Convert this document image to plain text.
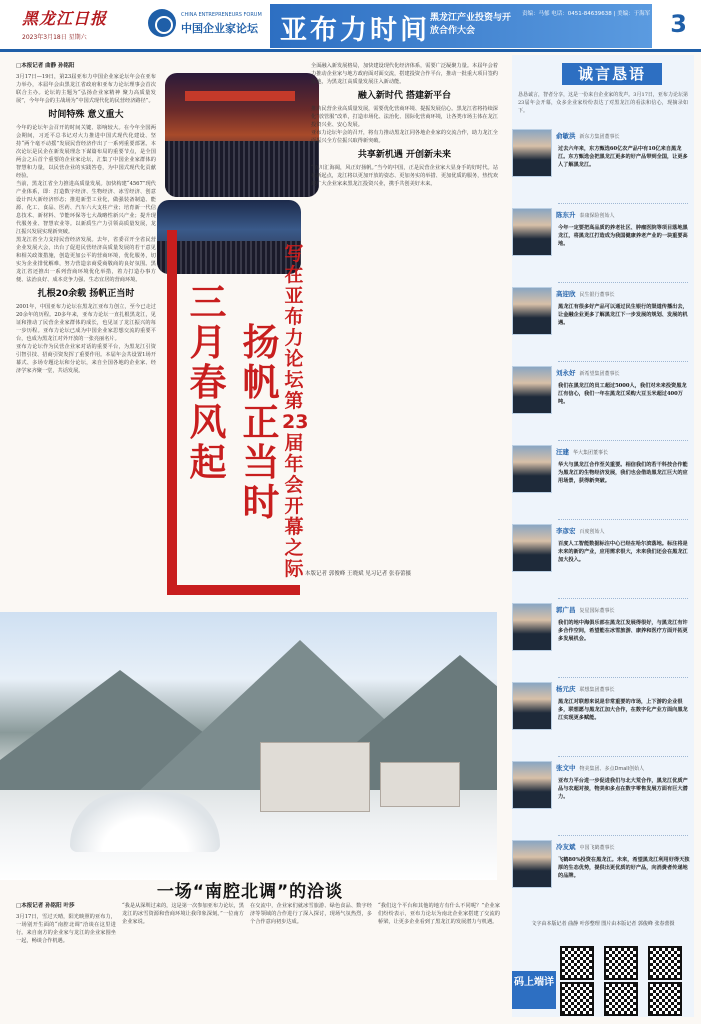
黑龙江日报
2023年3月18日 星期六
CHINA ENTREPRENEURS FORUM
中国企业家论坛 亚布力时间 黑龙江产业投资与开放合作大会
责编：马郁 电话：0451-84639638 | 美编：于海军 3
□本报记者 曲静 孙铭阳

3月17日—19日，第23届亚布力中国企业家论坛年会在亚布力举办，本届年会由黑龙江省政府和亚布力论坛理事会首次联合主办。论坛的主题为“弘扬企业家精神 聚力高质量发展”，今年年会的主战场为“中国式现代化的民营经济路径”。

时间特殊 意义重大

今年的论坛年会召开的时间关键、影响较大。在今年全国两会期间，习近平总书记对大力推进中国式现代化建设、坚持“两个毫不动摇”发展民营经济作出了一系列重要部署。本次论坛是民企在新发展理念下谋篇布局的重要节点，是全国两会之后首个重要的企业家论坛，汇集了中国企业家群体的智慧和力量，以民营企业的实践答卷，为中国式现代化贡献经验。

当前，黑龙江省全力推进高质量发展。加快构建“4567”现代产业体系，即：打造数字经济、生物经济、冰雪经济、创意设计四大新经济形态；推进新型工业化，做强装备制造、能源、化工、食品、医药、汽车六大支柱产业；培育新一代信息技术、新材料、节能环保等七大战略性新兴产业；提升现代服务业、智慧农业等。以新质生产力引领高质量发展，龙江振兴发展实现新突破。

黑龙江省全力支持民营经济发展。去年，省委召开全省民营企业发展大会，出台了促进民营经济高质量发展的若干意见和相关政策措施，创造更加公平的营商环境，优化服务，切实为企业排忧解难，努力营造亲商爱商敬商的良好氛围。黑龙江省还推出一系列营商环境优化举措，着力打造办事方便、法治良好、成本竞争力强、生态宜居的营商环境。

扎根20余载 扬帆正当时

2001年，中国亚布力论坛在黑龙江亚布力创立，至今已走过20余年的历程。20多年来，亚布力论坛一直扎根黑龙江，见证和推动了民营企业家群体的成长，也见证了龙江振兴的每一步历程。亚布力论坛已成为中国企业家思想交流的重要平台，也成为黑龙江对外开放的一张亮丽名片。

亚布力论坛作为民营企业家对话的重要平台，为黑龙江引资引智引技、招商引资发挥了重要作用。本届年会共设置1场开幕式、多场专题论坛和分论坛，来自全国各地的企业家、经济学家齐聚一堂，共话发展。

三月春风起
扬帆正当时
写在亚布力论坛第23届年会开幕之际

全面融入新发展格局，加快建设现代化经济体系，需要广泛凝聚力量。本届年会着力推动企业家与地方政府面对面交流，搭建投资合作平台，推动一批重大项目签约落地，为黑龙江高质量发展注入新动能。

融入新时代 搭建新平台

推动民营企业高质量发展，需要优化营商环境、提振发展信心。黑龙江省将持续深化“放管服”改革，打造市场化、法治化、国际化营商环境，让各类市场主体在龙江投资兴业、安心发展。

亚布力论坛年会的召开，将有力推动黑龙江同各地企业家的交流合作，助力龙江全面振兴全方位振兴取得新突破。

共享新机遇 开创新未来

“百川汇海阔，风正好扬帆。”当今的中国，正是民营企业家大显身手的好时代。站在新起点，龙江将以更加开放的姿态、更加务实的举措、更加优质的服务，热忱欢迎广大企业家来黑龙江投资兴业，携手共创美好未来。

本版记者 郭俊峰 王晓斌 见习记者 张春蕾摄
一场“南腔北调”的洽谈
□本报记者 孙铭阳 叶莎

3月17日，雪过天晴，阳光映照的亚布力，一场别开生面的“南腔北调”洽谈在这里进行。来自南方的企业家与龙江的企业家围坐一起，畅谈合作机遇。

“我是从深圳过来的，这是第一次参加亚布力论坛，黑龙江的冰雪资源和营商环境让我印象深刻。”一位南方企业家说。

在交流中，企业家们就冰雪旅游、绿色食品、数字经济等领域的合作进行了深入探讨，现场气氛热烈，多个合作意向初步达成。

“我们这个平台和其他的地方有什么不同呢？”企业家们纷纷表示，亚布力论坛为南北企业家搭建了交流的桥梁，让更多企业看到了黑龙江的发展潜力与机遇。

诚言恳语
恳恳诚言，智者分享，这是一份来自企业家的发声。3月17日，亚布力论坛第23届年会开幕，众多企业家纷纷表达了对黑龙江的看法和信心，现摘录如下。
俞敏洪 新东方集团董事长
过去六年来，东方甄选60亿农产品中有10亿来自黑龙江。东方甄选会把黑龙江更多的好产品带到全国，让更多人了解黑龙江。
陈东升 泰康保险创始人
今年一定要把高品质的养老社区、肿瘤医院等项目落地黑龙江，将黑龙江打造成为我国健康养老产业的一块重要高地。
高迎欣 民生银行董事长
黑龙江有很多好产品可以通过民生银行的渠道传播出去，让金融企业更多了解黑龙江下一步发展的规划、发展的机遇。
刘永好 新希望集团董事长
我们在黑龙江的员工超过5000人，我们对未来投资黑龙江有信心，我们一年在黑龙江采购大豆玉米超过400万吨。
汪建 华大集团董事长
华大与黑龙江合作至关重要。相信我们的若干科技合作能为黑龙江的生物经济发展，我们也会借助黑龙江巨大的应用场景，获得新突破。
李彦宏 百度创始人
百度人工智能数据标注中心已经在哈尔滨落地。标注将是未来的新的产业，应用需求很大，未来我们还会在黑龙江加大投入。
郭广昌 复星国际董事长
我们的地中海俱乐部在黑龙江发展得很好，与黑龙江有许多合作空间，希望能在冰雪旅游、康养和医疗方面开拓更多发展机会。
杨元庆 联想集团董事长
黑龙江对联想来说是非常重要的市场，上下游的企业很多，联想愿与黑龙江加大合作，在数字化产业方面向黑龙江实现更多赋能。
张文中 物美集团、多点Dmall创始人
亚布力平台进一步促进我们与北大荒合作，黑龙江优质产品与农超对接，物美和多点在数字零售发展方面有巨大潜力。
冷友斌 中国飞鹤董事长
飞鹤80%投资在黑龙江。未来，希望黑龙江利用好得天独厚的生态优势，提供出更优质的好产品，向消费者传递地的品牌。
文字由本版记者 曲静 叶莎整理 图片由本版记者 郭俊峰 张春蕾摄
码上端详
